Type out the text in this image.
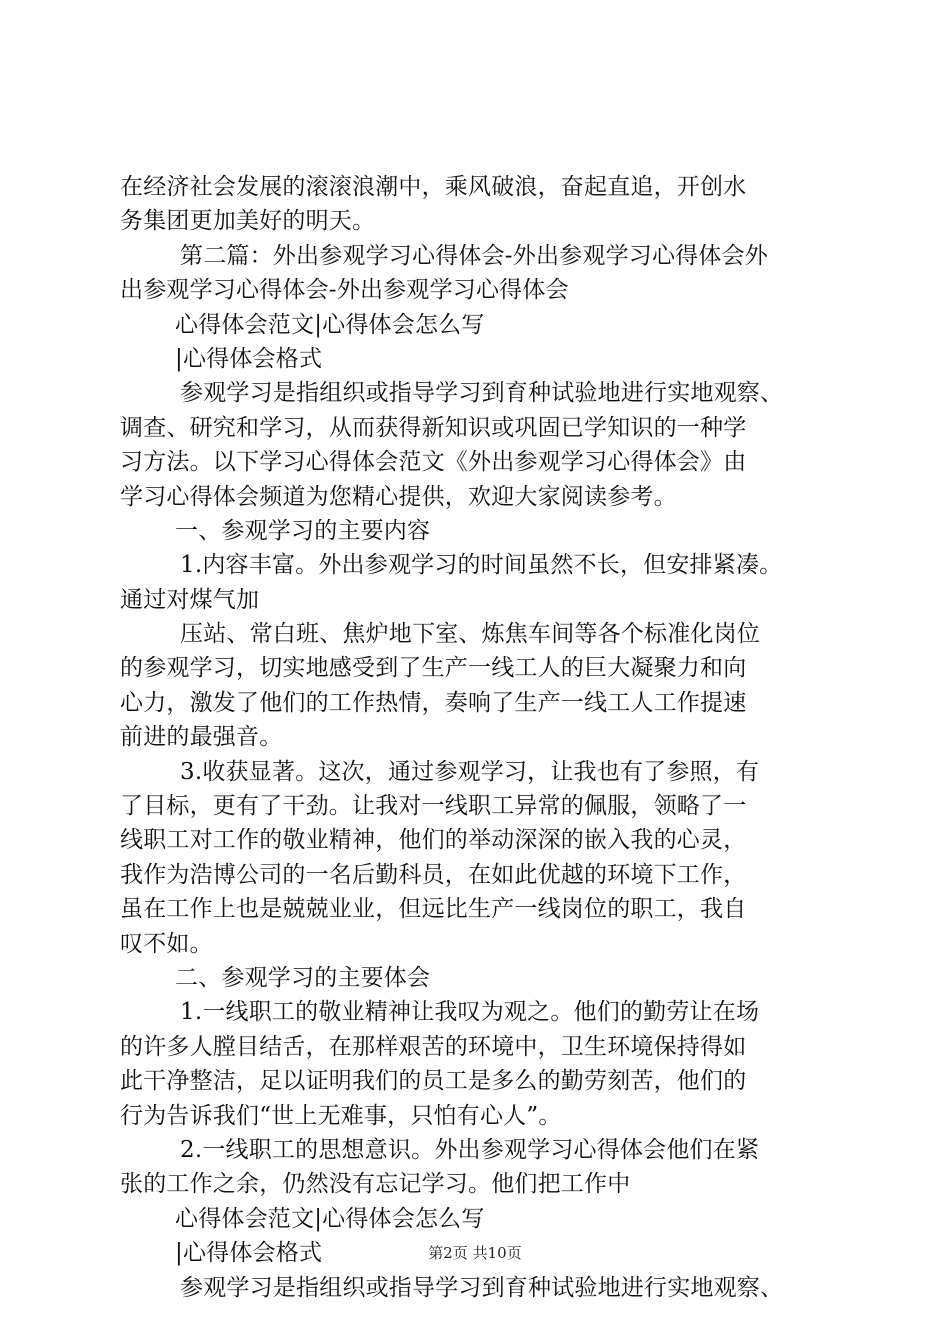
在经济社会发展的滚滚浪潮中，乘风破浪，奋起直追，开创水
务集团更加美好的明天。
第二篇：外出参观学习心得体会-外出参观学习心得体会外
出参观学习心得体会-外出参观学习心得体会
心得体会范文|心得体会怎么写
|心得体会格式
参观学习是指组织或指导学习到育种试验地进行实地观察、
调查、研究和学习，从而获得新知识或巩固已学知识的一种学
习方法。以下学习心得体会范文《外出参观学习心得体会》由
学习心得体会频道为您精心提供，欢迎大家阅读参考。
一、参观学习的主要内容
1.内容丰富。外出参观学习的时间虽然不长，但安排紧凑。
通过对煤气加
压站、常白班、焦炉地下室、炼焦车间等各个标准化岗位
的参观学习，切实地感受到了生产一线工人的巨大凝聚力和向
心力，激发了他们的工作热情，奏响了生产一线工人工作提速
前进的最强音。
3.收获显著。这次，通过参观学习，让我也有了参照，有
了目标，更有了干劲。让我对一线职工异常的佩服，领略了一
线职工对工作的敬业精神，他们的举动深深的嵌入我的心灵，
我作为浩博公司的一名后勤科员，在如此优越的环境下工作，
虽在工作上也是兢兢业业，但远比生产一线岗位的职工，我自
叹不如。
二、参观学习的主要体会
1.一线职工的敬业精神让我叹为观之。他们的勤劳让在场
的许多人膛目结舌，在那样艰苦的环境中，卫生环境保持得如
此干净整洁，足以证明我们的员工是多么的勤劳刻苦，他们的
行为告诉我们“世上无难事，只怕有心人”。
2.一线职工的思想意识。外出参观学习心得体会他们在紧
张的工作之余，仍然没有忘记学习。他们把工作中
心得体会范文|心得体会怎么写
|心得体会格式
参观学习是指组织或指导学习到育种试验地进行实地观察、
第2页 共10页
